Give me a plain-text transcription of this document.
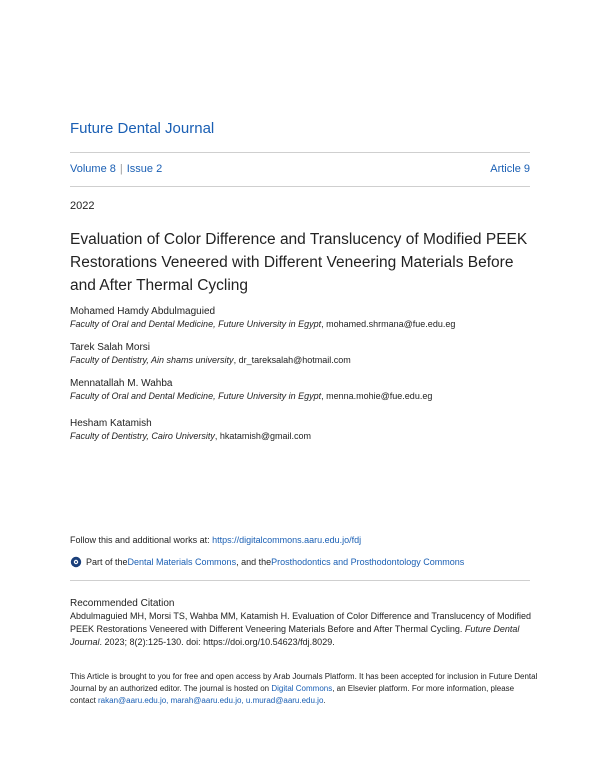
Future Dental Journal
Volume 8 | Issue 2	Article 9
2022
Evaluation of Color Difference and Translucency of Modified PEEK Restorations Veneered with Different Veneering Materials Before and After Thermal Cycling
Mohamed Hamdy Abdulmaguied
Faculty of Oral and Dental Medicine, Future University in Egypt, mohamed.shrmana@fue.edu.eg
Tarek Salah Morsi
Faculty of Dentistry, Ain shams university, dr_tareksalah@hotmail.com
Mennatallah M. Wahba
Faculty of Oral and Dental Medicine, Future University in Egypt, menna.mohie@fue.edu.eg
Hesham Katamish
Faculty of Dentistry, Cairo University, hkatamish@gmail.com
Follow this and additional works at: https://digitalcommons.aaru.edu.jo/fdj
Part of the Dental Materials Commons , and the Prosthodontics and Prosthodontology Commons
Recommended Citation
Abdulmaguied MH, Morsi TS, Wahba MM, Katamish H. Evaluation of Color Difference and Translucency of Modified PEEK Restorations Veneered with Different Veneering Materials Before and After Thermal Cycling. Future Dental Journal. 2023; 8(2):125-130. doi: https://doi.org/10.54623/fdj.8029.
This Article is brought to you for free and open access by Arab Journals Platform. It has been accepted for inclusion in Future Dental Journal by an authorized editor. The journal is hosted on Digital Commons, an Elsevier platform. For more information, please contact rakan@aaru.edu.jo, marah@aaru.edu.jo, u.murad@aaru.edu.jo.
